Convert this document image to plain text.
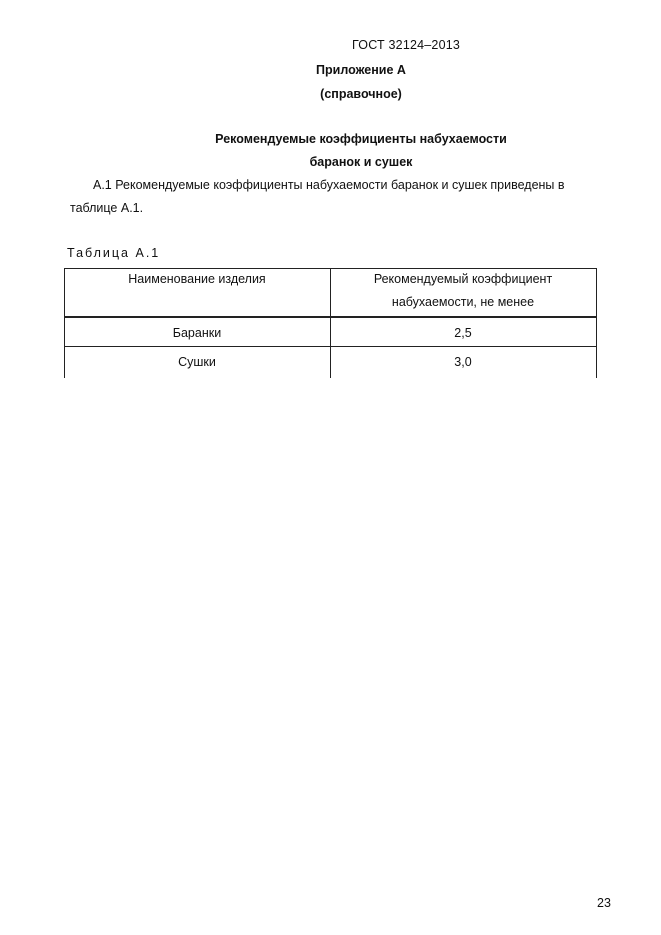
ГОСТ 32124–2013
Приложение А
(справочное)
Рекомендуемые коэффициенты набухаемости
баранок и сушек
А.1 Рекомендуемые коэффициенты набухаемости баранок и сушек приведены в
таблице А.1.
Таблица А.1
Наименование изделия	Рекомендуемый коэффициент
набухаемости, не менее
Баранки	2,5
Сушки	3,0
23
